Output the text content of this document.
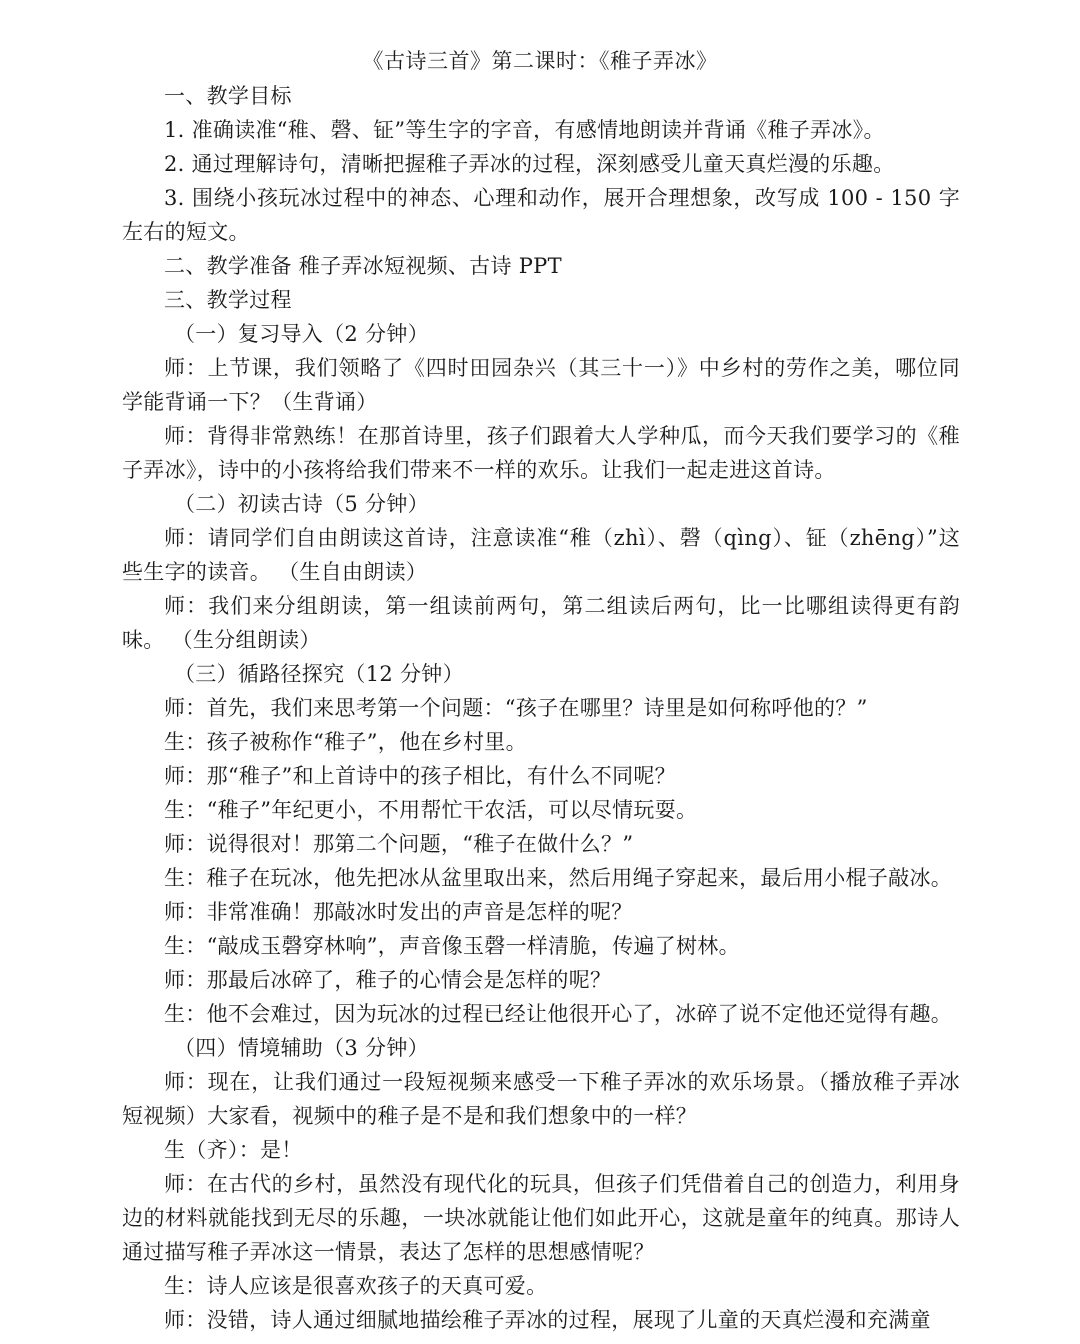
《古诗三首》第二课时：《稚子弄冰》

一、教学目标

1. 准确读准“稚、磬、钲”等生字的字音，有感情地朗读并背诵《稚子弄冰》。

2. 通过理解诗句，清晰把握稚子弄冰的过程，深刻感受儿童天真烂漫的乐趣。

3. 围绕小孩玩冰过程中的神态、心理和动作，展开合理想象，改写成 100 - 150 字左右的短文。

二、教学准备 稚子弄冰短视频、古诗 PPT

三、教学过程

（一）复习导入（2 分钟）

师：上节课，我们领略了《四时田园杂兴（其三十一）》中乡村的劳作之美，哪位同学能背诵一下？（生背诵）

师：背得非常熟练！在那首诗里，孩子们跟着大人学种瓜，而今天我们要学习的《稚子弄冰》，诗中的小孩将给我们带来不一样的欢乐。让我们一起走进这首诗。

（二）初读古诗（5 分钟）

师：请同学们自由朗读这首诗，注意读准“稚（zhì）、磬（qìng）、钲（zhēng）”这些生字的读音。 （生自由朗读）

师：我们来分组朗读，第一组读前两句，第二组读后两句，比一比哪组读得更有韵味。 （生分组朗读）

（三）循路径探究（12 分钟）

师：首先，我们来思考第一个问题：“孩子在哪里？诗里是如何称呼他的？”

生：孩子被称作“稚子”，他在乡村里。

师：那“稚子”和上首诗中的孩子相比，有什么不同呢？

生：“稚子”年纪更小，不用帮忙干农活，可以尽情玩耍。

师：说得很对！那第二个问题，“稚子在做什么？”

生：稚子在玩冰，他先把冰从盆里取出来，然后用绳子穿起来，最后用小棍子敲冰。

师：非常准确！那敲冰时发出的声音是怎样的呢？

生：“敲成玉磬穿林响”，声音像玉磬一样清脆，传遍了树林。

师：那最后冰碎了，稚子的心情会是怎样的呢？

生：他不会难过，因为玩冰的过程已经让他很开心了，冰碎了说不定他还觉得有趣。

（四）情境辅助（3 分钟）

师：现在，让我们通过一段短视频来感受一下稚子弄冰的欢乐场景。（播放稚子弄冰短视频）大家看，视频中的稚子是不是和我们想象中的一样？

生（齐）：是！

师：在古代的乡村，虽然没有现代化的玩具，但孩子们凭借着自己的创造力，利用身边的材料就能找到无尽的乐趣，一块冰就能让他们如此开心，这就是童年的纯真。那诗人通过描写稚子弄冰这一情景，表达了怎样的思想感情呢？

生：诗人应该是很喜欢孩子的天真可爱。

师：没错，诗人通过细腻地描绘稚子弄冰的过程，展现了儿童的天真烂漫和充满童
